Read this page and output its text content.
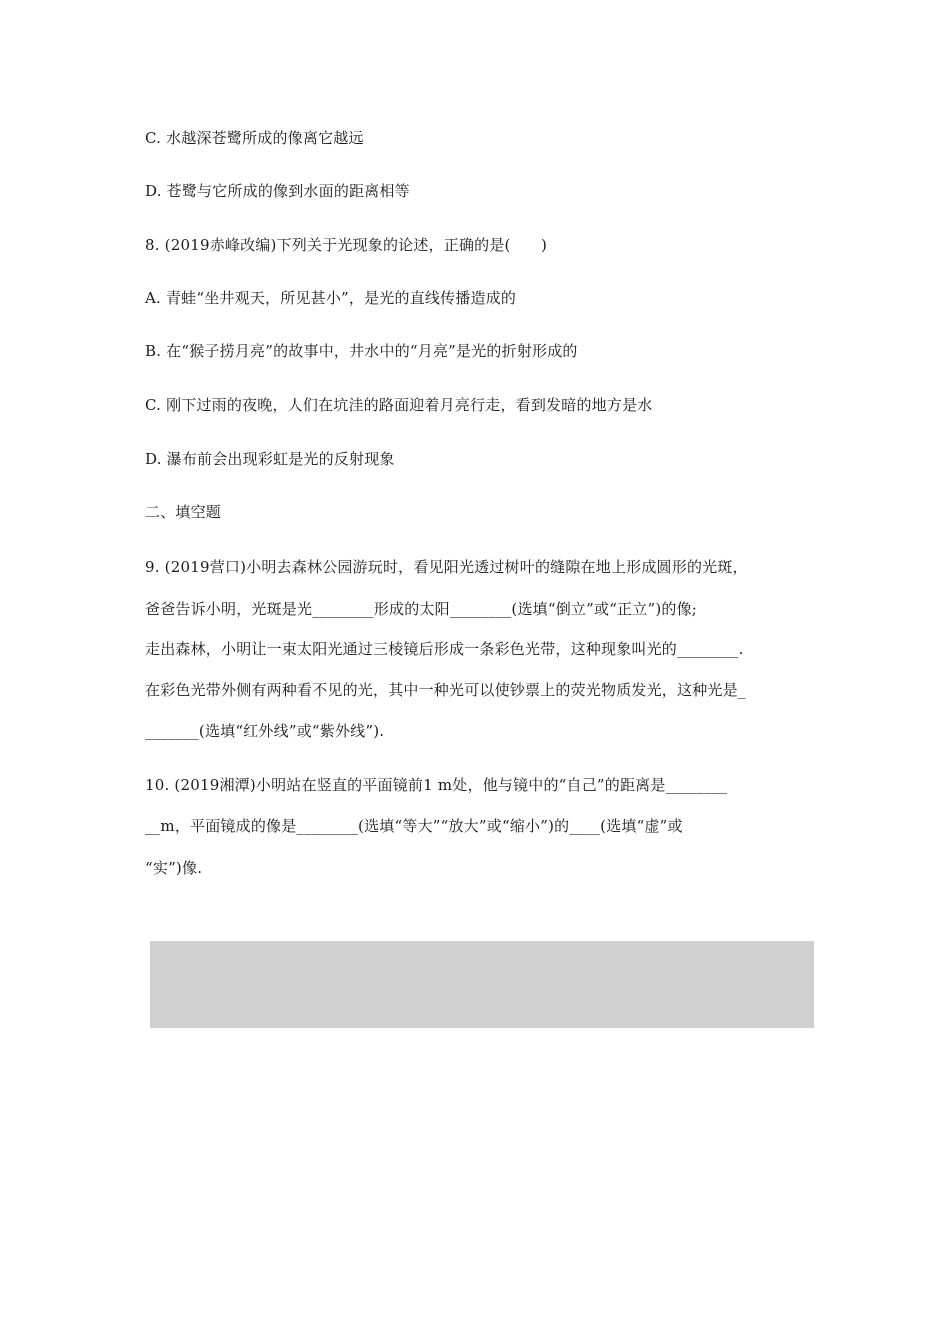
C. 水越深苍鹭所成的像离它越远
D. 苍鹭与它所成的像到水面的距离相等
8. (2019赤峰改编)下列关于光现象的论述，正确的是(　　)
A. 青蛙“坐井观天，所见甚小”，是光的直线传播造成的
B. 在“猴子捞月亮”的故事中，井水中的“月亮”是光的折射形成的
C. 刚下过雨的夜晚，人们在坑洼的路面迎着月亮行走，看到发暗的地方是水
D. 瀑布前会出现彩虹是光的反射现象
二、填空题
9. (2019营口)小明去森林公园游玩时，看见阳光透过树叶的缝隙在地上形成圆形的光斑，
爸爸告诉小明，光斑是光________形成的太阳________(选填“倒立”或“正立”)的像;
走出森林，小明让一束太阳光通过三棱镜后形成一条彩色光带，这种现象叫光的________.
在彩色光带外侧有两种看不见的光，其中一种光可以使钞票上的荧光物质发光，这种光是_
_______(选填“红外线”或“紫外线”).
10. (2019湘潭)小明站在竖直的平面镜前1 m处，他与镜中的“自己”的距离是________
__m，平面镜成的像是________(选填“等大”“放大”或“缩小”)的____(选填“虚”或
“实”)像.
